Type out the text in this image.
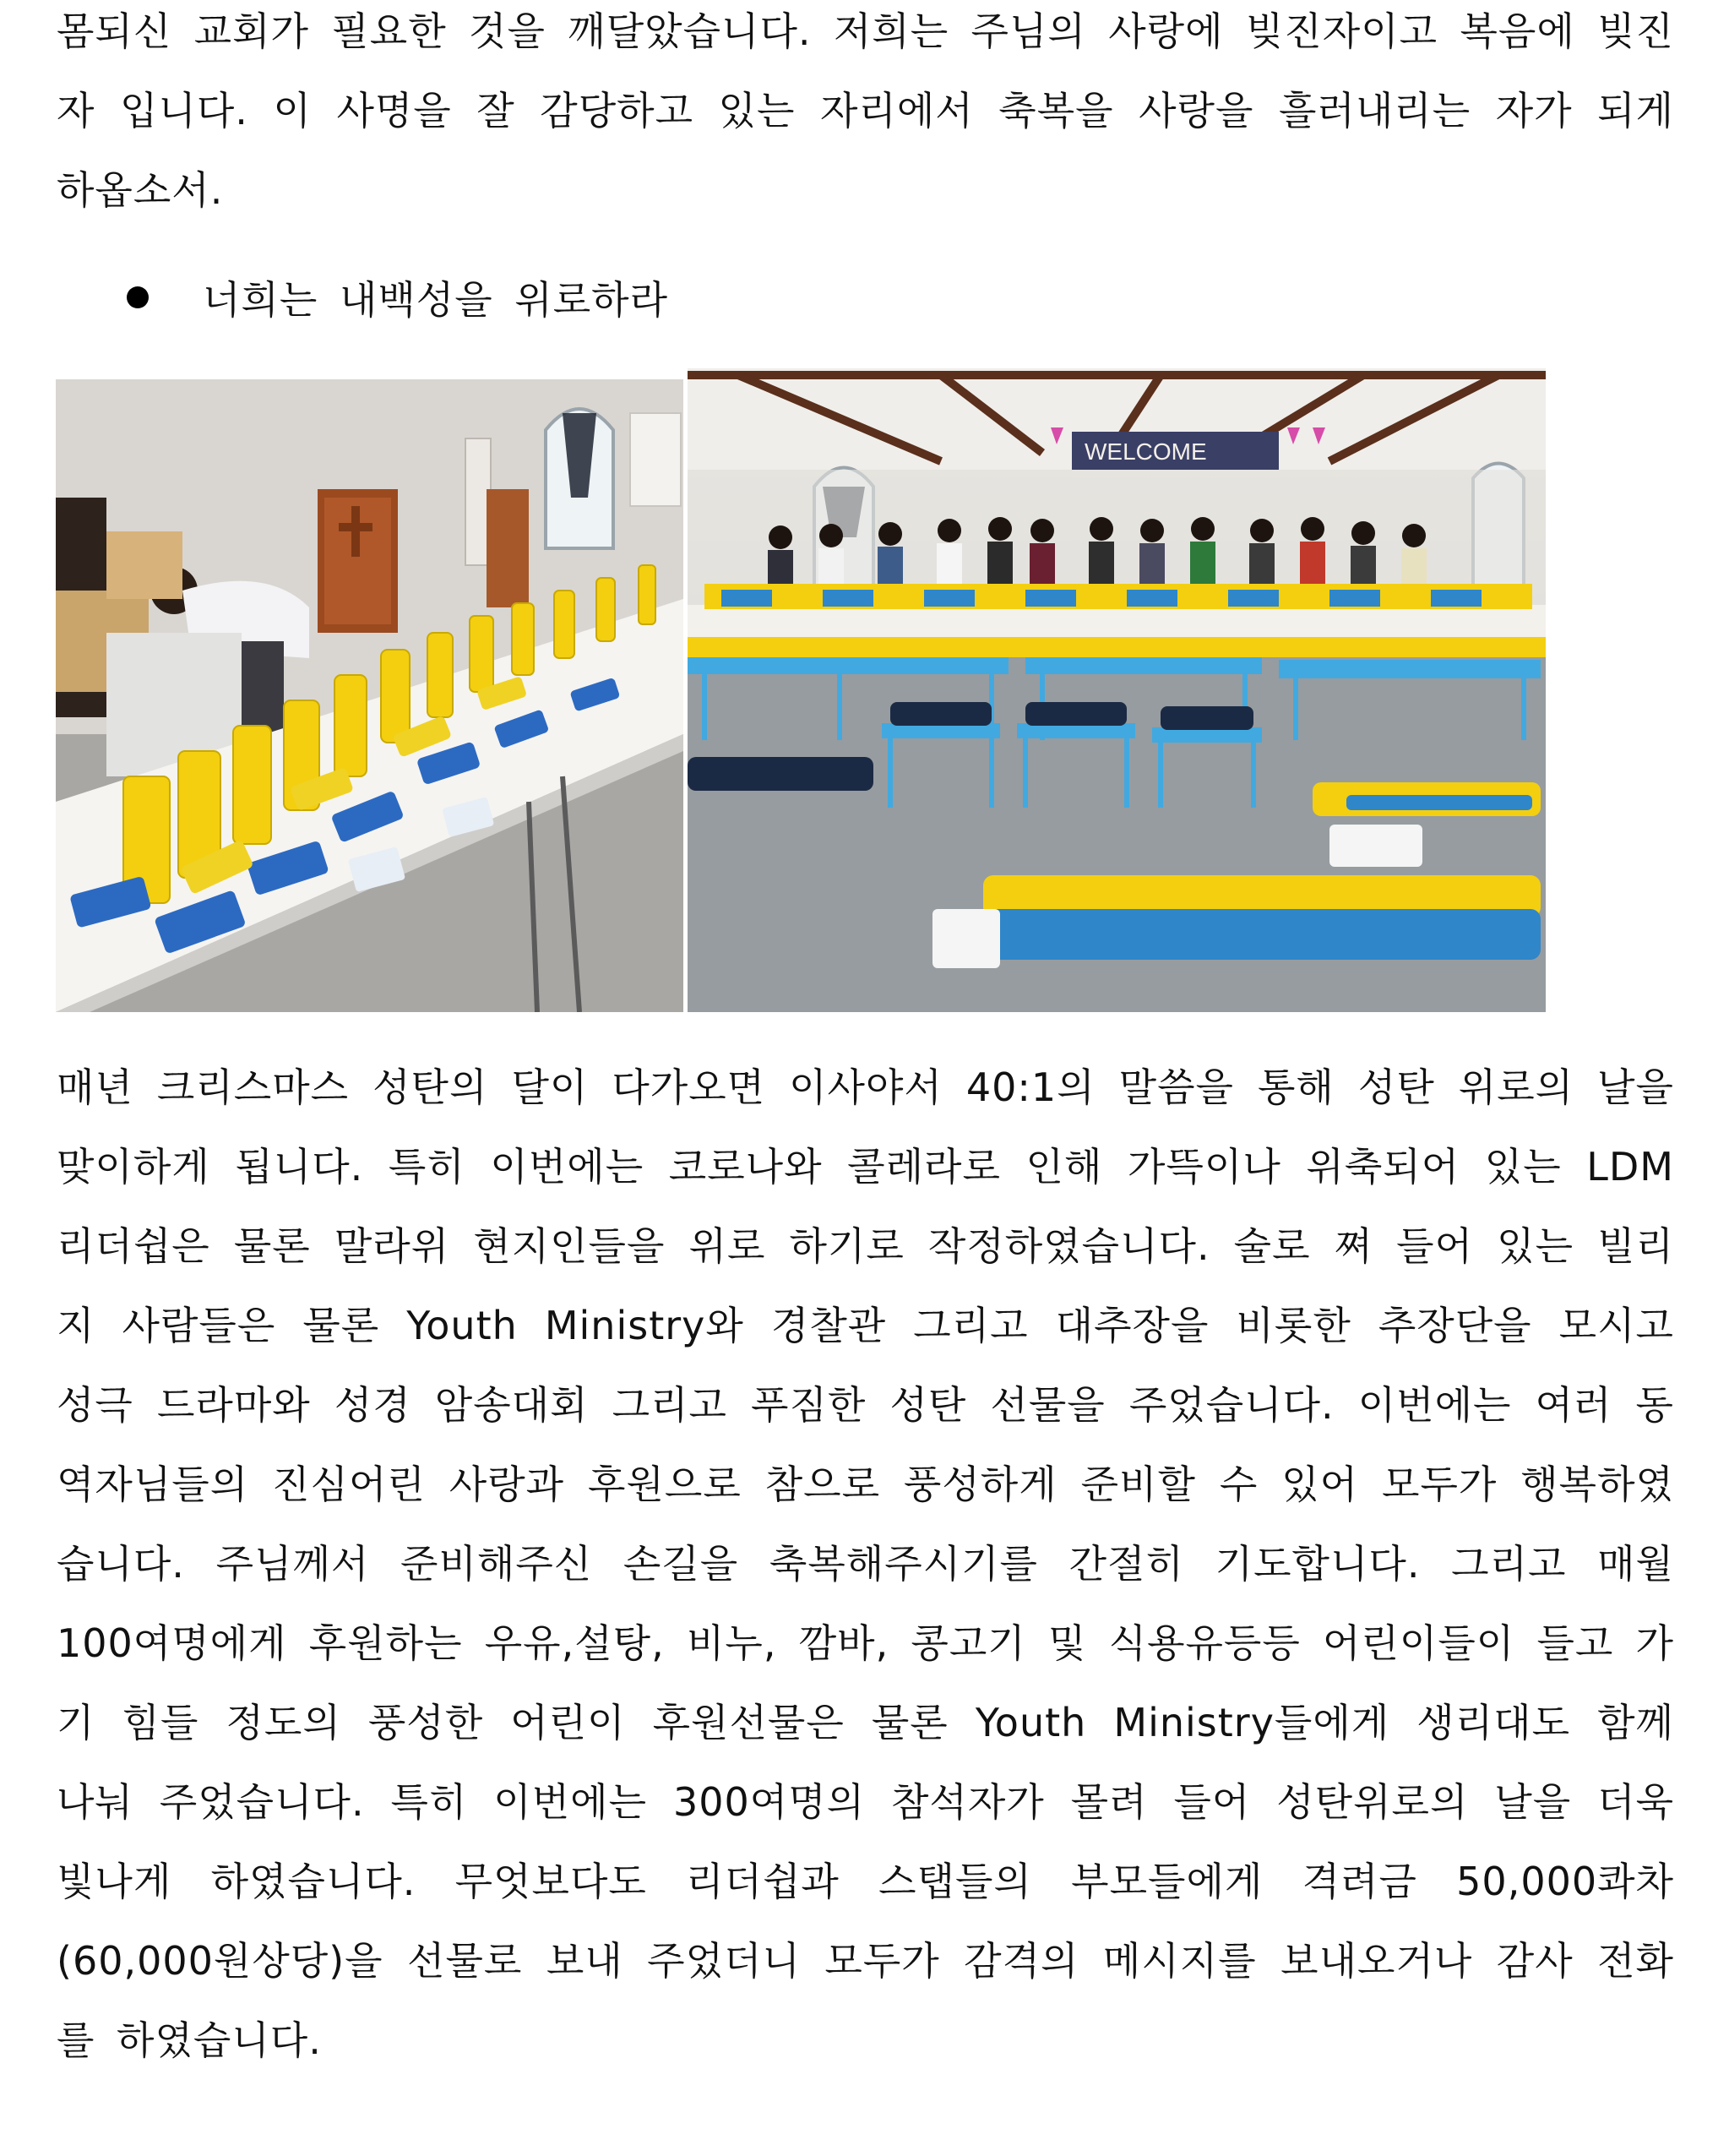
몸되신 교회가 필요한 것을 깨달았습니다. 저희는 주님의 사랑에 빚진자이고 복음에 빚진자 입니다. 이 사명을 잘 감당하고 있는 자리에서 축복을 사랑을 흘러내리는 자가 되게 하옵소서.

너희는 내백성을 위로하라
WELCOME

매년 크리스마스 성탄의 달이 다가오면 이사야서 40:1의 말씀을 통해 성탄 위로의 날을 맞이하게 됩니다. 특히 이번에는 코로나와 콜레라로 인해 가뜩이나 위축되어 있는 LDM 리더쉽은 물론 말라위 현지인들을 위로 하기로 작정하였습니다. 술로 쪄 들어 있는 빌리지 사람들은 물론 Youth Ministry와 경찰관 그리고 대추장을 비롯한 추장단을 모시고 성극 드라마와 성경 암송대회 그리고 푸짐한 성탄 선물을 주었습니다. 이번에는 여러 동역자님들의 진심어린 사랑과 후원으로 참으로 풍성하게 준비할 수 있어 모두가 행복하였습니다. 주님께서 준비해주신 손길을 축복해주시기를 간절히 기도합니다. 그리고 매월 100여명에게 후원하는 우유,설탕, 비누, 깜바, 콩고기 및 식용유등등 어린이들이 들고 가기 힘들 정도의 풍성한 어린이 후원선물은 물론 Youth Ministry들에게 생리대도 함께 나눠 주었습니다. 특히 이번에는 300여명의 참석자가 몰려 들어 성탄위로의 날을 더욱 빛나게 하였습니다. 무엇보다도 리더쉽과 스탭들의 부모들에게 격려금 50,000콰차(60,000원상당)을 선물로 보내 주었더니 모두가 감격의 메시지를 보내오거나 감사 전화를 하였습니다.
